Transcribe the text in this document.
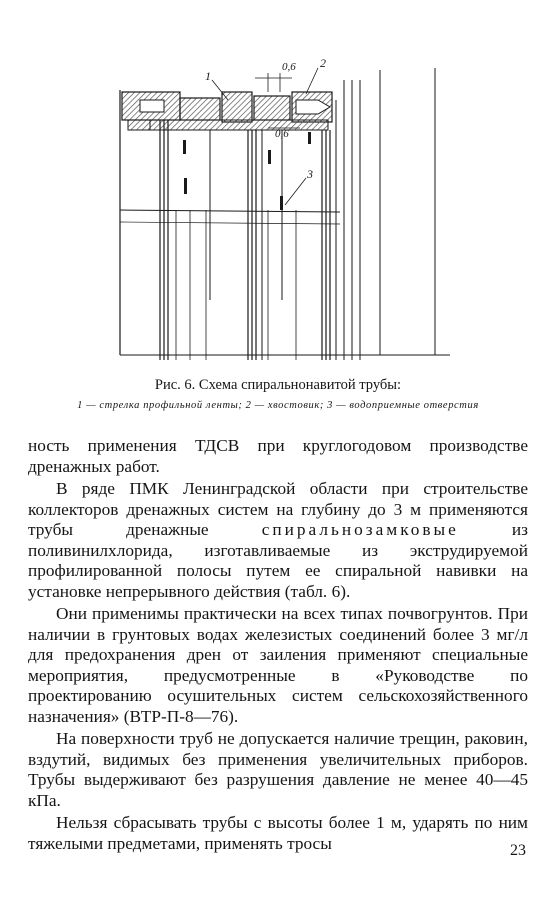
0,6
0,6
1
2
3
Рис. 6. Схема спиральнонавитой трубы:
1 — стрелка профильной ленты; 2 — хвостовик; 3 — водоприемные отверстия

ность применения ТДСВ при круглогодовом производстве дренажных работ.

В ряде ПМК Ленинградской области при строительстве коллекторов дренажных систем на глубину до 3 м применяются трубы дренажные спиральнозамковые из поливинилхлорида, изготавливаемые из экструдируемой профилированной полосы путем ее спиральной навивки на установке непрерывного действия (табл. 6).

Они применимы практически на всех типах почвогрунтов. При наличии в грунтовых водах железистых соединений более 3 мг/л для предохранения дрен от заиления применяют специальные мероприятия, предусмотренные в «Руководстве по проектированию осушительных систем сельскохозяйственного назначения» (ВТР-П-8—76).

На поверхности труб не допускается наличие трещин, раковин, вздутий, видимых без применения увеличительных приборов. Трубы выдерживают без разрушения давление не менее 40—45 кПа.

Нельзя сбрасывать трубы с высоты более 1 м, ударять по ним тяжелыми предметами, применять тросы	23
